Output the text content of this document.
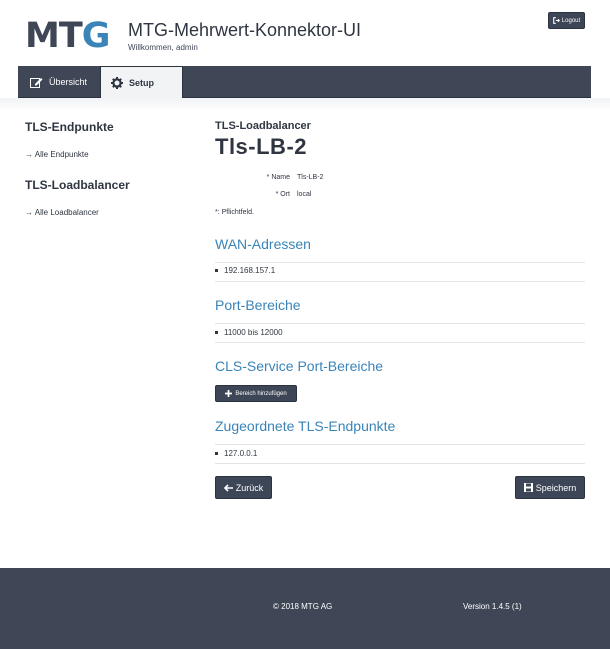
MTG MTG-Mehrwert-Konnektor-UI
Willkommen, admin
Logout
Übersicht	Setup
TLS-Endpunkte
→ Alle Endpunkte
TLS-Loadbalancer
→ Alle Loadbalancer
TLS-Loadbalancer
Tls-LB-2
* Name Tls-LB-2
* Ort local
*: Pflichtfeld.
WAN-Adressen
192.168.157.1
Port-Bereiche
11000 bis 12000
CLS-Service Port-Bereiche
Bereich hinzufügen
Zugeordnete TLS-Endpunkte
127.0.0.1
Zurück	Speichern
© 2018 MTG AG	Version 1.4.5 (1)
